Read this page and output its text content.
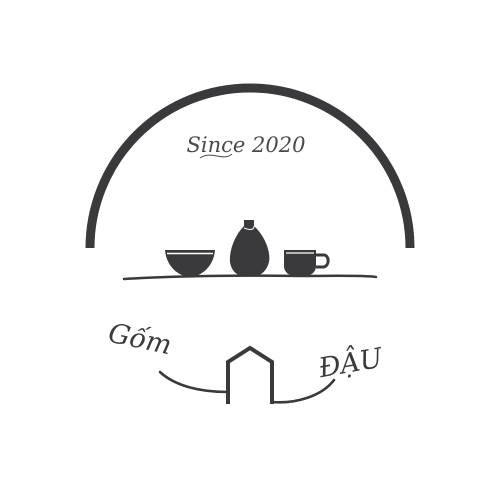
Since 2020
Gốm
ĐẬU
